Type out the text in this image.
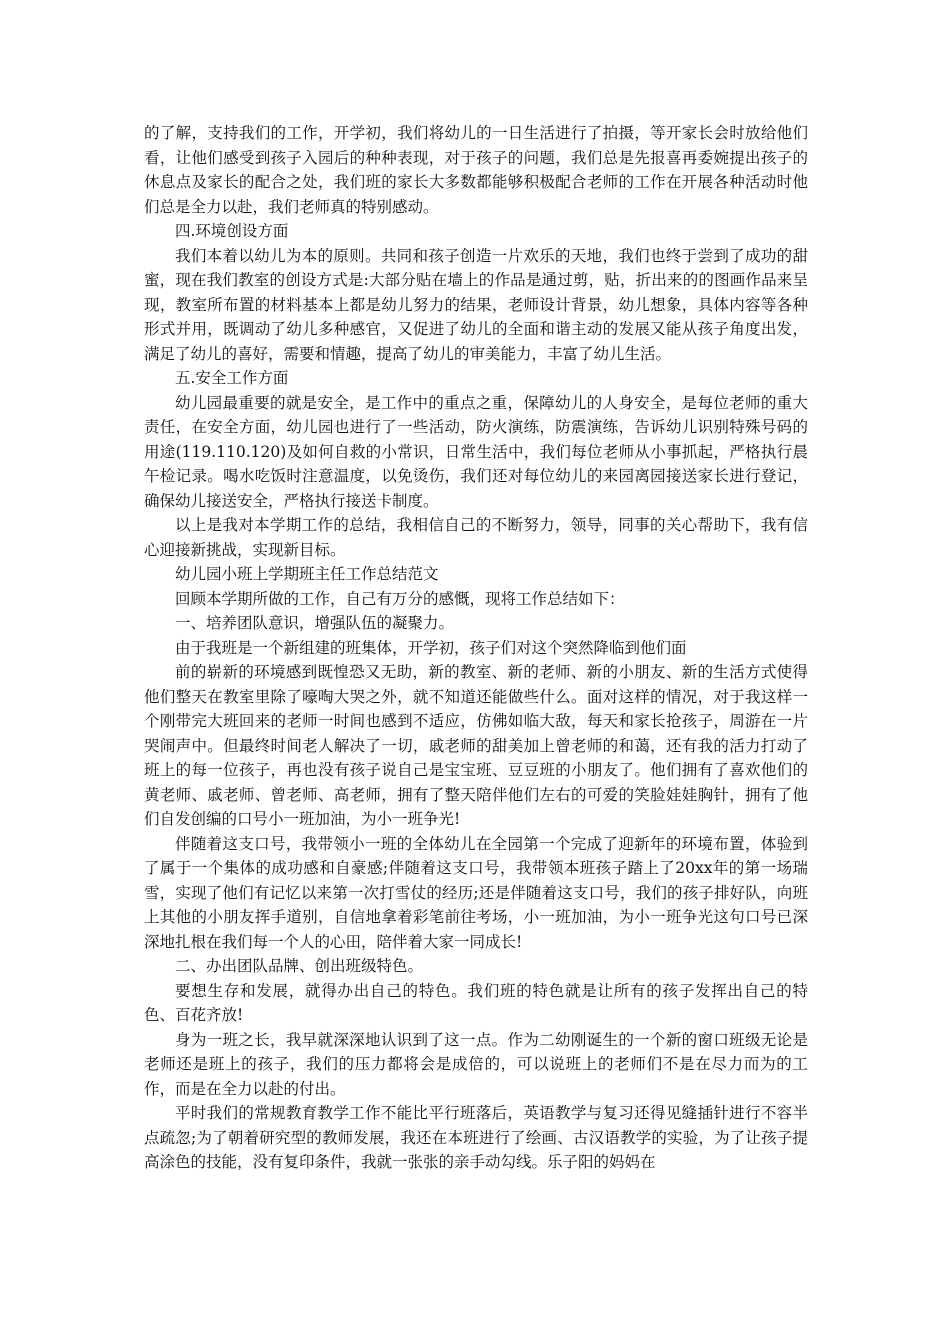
的了解，支持我们的工作，开学初，我们将幼儿的一日生活进行了拍摄，等开家长会时放给他们看，让他们感受到孩子入园后的种种表现，对于孩子的问题，我们总是先报喜再委婉提出孩子的休息点及家长的配合之处，我们班的家长大多数都能够积极配合老师的工作在开展各种活动时他们总是全力以赴，我们老师真的特别感动。

四.环境创设方面

我们本着以幼儿为本的原则。共同和孩子创造一片欢乐的天地，我们也终于尝到了成功的甜蜜，现在我们教室的创设方式是:大部分贴在墙上的作品是通过剪，贴，折出来的的图画作品来呈现，教室所布置的材料基本上都是幼儿努力的结果，老师设计背景，幼儿想象，具体内容等各种形式并用，既调动了幼儿多种感官，又促进了幼儿的全面和谐主动的发展又能从孩子角度出发，满足了幼儿的喜好，需要和情趣，提高了幼儿的审美能力，丰富了幼儿生活。

五.安全工作方面

幼儿园最重要的就是安全，是工作中的重点之重，保障幼儿的人身安全，是每位老师的重大责任，在安全方面，幼儿园也进行了一些活动，防火演练，防震演练，告诉幼儿识别特殊号码的用途(119.110.120)及如何自救的小常识，日常生活中，我们每位老师从小事抓起，严格执行晨午检记录。喝水吃饭时注意温度，以免烫伤，我们还对每位幼儿的来园离园接送家长进行登记，确保幼儿接送安全，严格执行接送卡制度。

以上是我对本学期工作的总结，我相信自己的不断努力，领导，同事的关心帮助下，我有信心迎接新挑战，实现新目标。

幼儿园小班上学期班主任工作总结范文

回顾本学期所做的工作，自己有万分的感慨，现将工作总结如下：

一、培养团队意识，增强队伍的凝聚力。

由于我班是一个新组建的班集体，开学初，孩子们对这个突然降临到他们面

前的崭新的环境感到既惶恐又无助，新的教室、新的老师、新的小朋友、新的生活方式使得他们整天在教室里除了嚎啕大哭之外，就不知道还能做些什么。面对这样的情况，对于我这样一个刚带完大班回来的老师一时间也感到不适应，仿佛如临大敌，每天和家长抢孩子，周游在一片哭闹声中。但最终时间老人解决了一切，戚老师的甜美加上曾老师的和蔼，还有我的活力打动了班上的每一位孩子，再也没有孩子说自己是宝宝班、豆豆班的小朋友了。他们拥有了喜欢他们的黄老师、戚老师、曾老师、高老师，拥有了整天陪伴他们左右的可爱的笑脸娃娃胸针，拥有了他们自发创编的口号小一班加油，为小一班争光!

伴随着这支口号，我带领小一班的全体幼儿在全园第一个完成了迎新年的环境布置，体验到了属于一个集体的成功感和自豪感;伴随着这支口号，我带领本班孩子踏上了20xx年的第一场瑞雪，实现了他们有记忆以来第一次打雪仗的经历;还是伴随着这支口号，我们的孩子排好队，向班上其他的小朋友挥手道别，自信地拿着彩笔前往考场，小一班加油，为小一班争光这句口号已深深地扎根在我们每一个人的心田，陪伴着大家一同成长!

二、办出团队品牌、创出班级特色。

要想生存和发展，就得办出自己的特色。我们班的特色就是让所有的孩子发挥出自己的特色、百花齐放!

身为一班之长，我早就深深地认识到了这一点。作为二幼刚诞生的一个新的窗口班级无论是老师还是班上的孩子，我们的压力都将会是成倍的，可以说班上的老师们不是在尽力而为的工作，而是在全力以赴的付出。

平时我们的常规教育教学工作不能比平行班落后，英语教学与复习还得见缝插针进行不容半点疏忽;为了朝着研究型的教师发展，我还在本班进行了绘画、古汉语教学的实验，为了让孩子提高涂色的技能，没有复印条件，我就一张张的亲手动勾线。乐子阳的妈妈在
